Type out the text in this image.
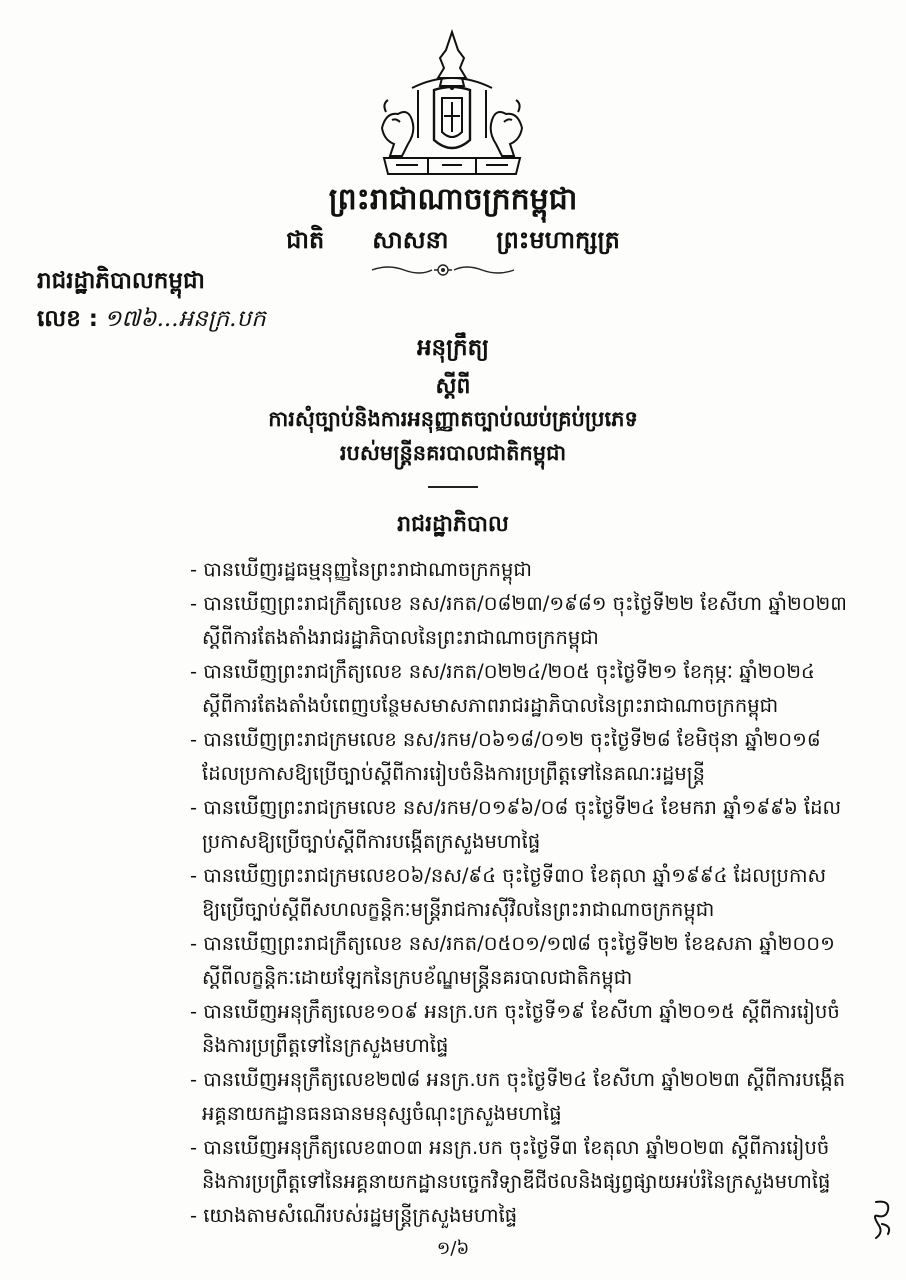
ព្រះរាជាណាចក្រកម្ពុជា
ជាតិ សាសនា ព្រះមហាក្សត្រ
រាជរដ្ឋាភិបាលកម្ពុជា
លេខ : ១៧៦...អនក្រ.បក
អនុក្រឹត្យ
ស្តីពី
ការសុំច្បាប់និងការអនុញ្ញាតច្បាប់ឈប់គ្រប់ប្រភេទ
របស់មន្ត្រីនគរបាលជាតិកម្ពុជា
រាជរដ្ឋាភិបាល
- បានឃើញរដ្ឋធម្មនុញ្ញនៃព្រះរាជាណាចក្រកម្ពុជា
- បានឃើញព្រះរាជក្រឹត្យលេខ នស/រកត/០៨២៣/១៩៨១ ចុះថ្ងៃទី២២ ខែសីហា ឆ្នាំ២០២៣
ស្តីពីការតែងតាំងរាជរដ្ឋាភិបាលនៃព្រះរាជាណាចក្រកម្ពុជា
- បានឃើញព្រះរាជក្រឹត្យលេខ នស/រកត/០២២៤/២០៥ ចុះថ្ងៃទី២១ ខែកុម្ភៈ ឆ្នាំ២០២៤
ស្តីពីការតែងតាំងបំពេញបន្ថែមសមាសភាពរាជរដ្ឋាភិបាលនៃព្រះរាជាណាចក្រកម្ពុជា
- បានឃើញព្រះរាជក្រមលេខ នស/រកម/០៦១៨/០១២ ចុះថ្ងៃទី២៨ ខែមិថុនា ឆ្នាំ២០១៨
ដែលប្រកាសឱ្យប្រើច្បាប់ស្តីពីការរៀបចំនិងការប្រព្រឹត្តទៅនៃគណៈរដ្ឋមន្ត្រី
- បានឃើញព្រះរាជក្រមលេខ នស/រកម/០១៩៦/០៨ ចុះថ្ងៃទី២៤ ខែមករា ឆ្នាំ១៩៩៦ ដែល
ប្រកាសឱ្យប្រើច្បាប់ស្តីពីការបង្កើតក្រសួងមហាផ្ទៃ
- បានឃើញព្រះរាជក្រមលេខ០៦/នស/៩៤ ចុះថ្ងៃទី៣០ ខែតុលា ឆ្នាំ១៩៩៤ ដែលប្រកាស
ឱ្យប្រើច្បាប់ស្តីពីសហលក្ខន្តិកៈមន្ត្រីរាជការស៊ីវិលនៃព្រះរាជាណាចក្រកម្ពុជា
- បានឃើញព្រះរាជក្រឹត្យលេខ នស/រកត/០៥០១/១៧៨ ចុះថ្ងៃទី២២ ខែឧសភា ឆ្នាំ២០០១
ស្តីពីលក្ខន្តិកៈដោយឡែកនៃក្របខ័ណ្ឌមន្ត្រីនគរបាលជាតិកម្ពុជា
- បានឃើញអនុក្រឹត្យលេខ១០៩ អនក្រ.បក ចុះថ្ងៃទី១៩ ខែសីហា ឆ្នាំ២០១៥ ស្តីពីការរៀបចំ
និងការប្រព្រឹត្តទៅនៃក្រសួងមហាផ្ទៃ
- បានឃើញអនុក្រឹត្យលេខ២៧៨ អនក្រ.បក ចុះថ្ងៃទី២៤ ខែសីហា ឆ្នាំ២០២៣ ស្តីពីការបង្កើត
អគ្គនាយកដ្ឋានធនធានមនុស្សចំណុះក្រសួងមហាផ្ទៃ
- បានឃើញអនុក្រឹត្យលេខ៣០៣ អនក្រ.បក ចុះថ្ងៃទី៣ ខែតុលា ឆ្នាំ២០២៣ ស្តីពីការរៀបចំ
និងការប្រព្រឹត្តទៅនៃអគ្គនាយកដ្ឋានបច្ចេកវិទ្យាឌីជីថលនិងផ្សព្វផ្សាយអប់រំនៃក្រសួងមហាផ្ទៃ
- យោងតាមសំណើរបស់រដ្ឋមន្ត្រីក្រសួងមហាផ្ទៃ
១/៦
